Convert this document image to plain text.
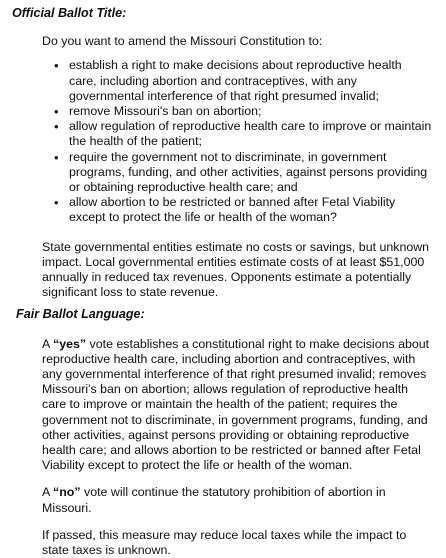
Official Ballot Title:
Do you want to amend the Missouri Constitution to:
• establish a right to make decisions about reproductive health care, including abortion and contraceptives, with any governmental interference of that right presumed invalid;
• remove Missouri's ban on abortion;
• allow regulation of reproductive health care to improve or maintain the health of the patient;
• require the government not to discriminate, in government programs, funding, and other activities, against persons providing or obtaining reproductive health care; and
• allow abortion to be restricted or banned after Fetal Viability except to protect the life or health of the woman?
State governmental entities estimate no costs or savings, but unknown impact. Local governmental entities estimate costs of at least $51,000 annually in reduced tax revenues. Opponents estimate a potentially significant loss to state revenue.
Fair Ballot Language:
A “yes” vote establishes a constitutional right to make decisions about reproductive health care, including abortion and contraceptives, with any governmental interference of that right presumed invalid; removes Missouri's ban on abortion; allows regulation of reproductive health care to improve or maintain the health of the patient; requires the government not to discriminate, in government programs, funding, and other activities, against persons providing or obtaining reproductive health care; and allows abortion to be restricted or banned after Fetal Viability except to protect the life or health of the woman.
A “no” vote will continue the statutory prohibition of abortion in Missouri.
If passed, this measure may reduce local taxes while the impact to state taxes is unknown.
